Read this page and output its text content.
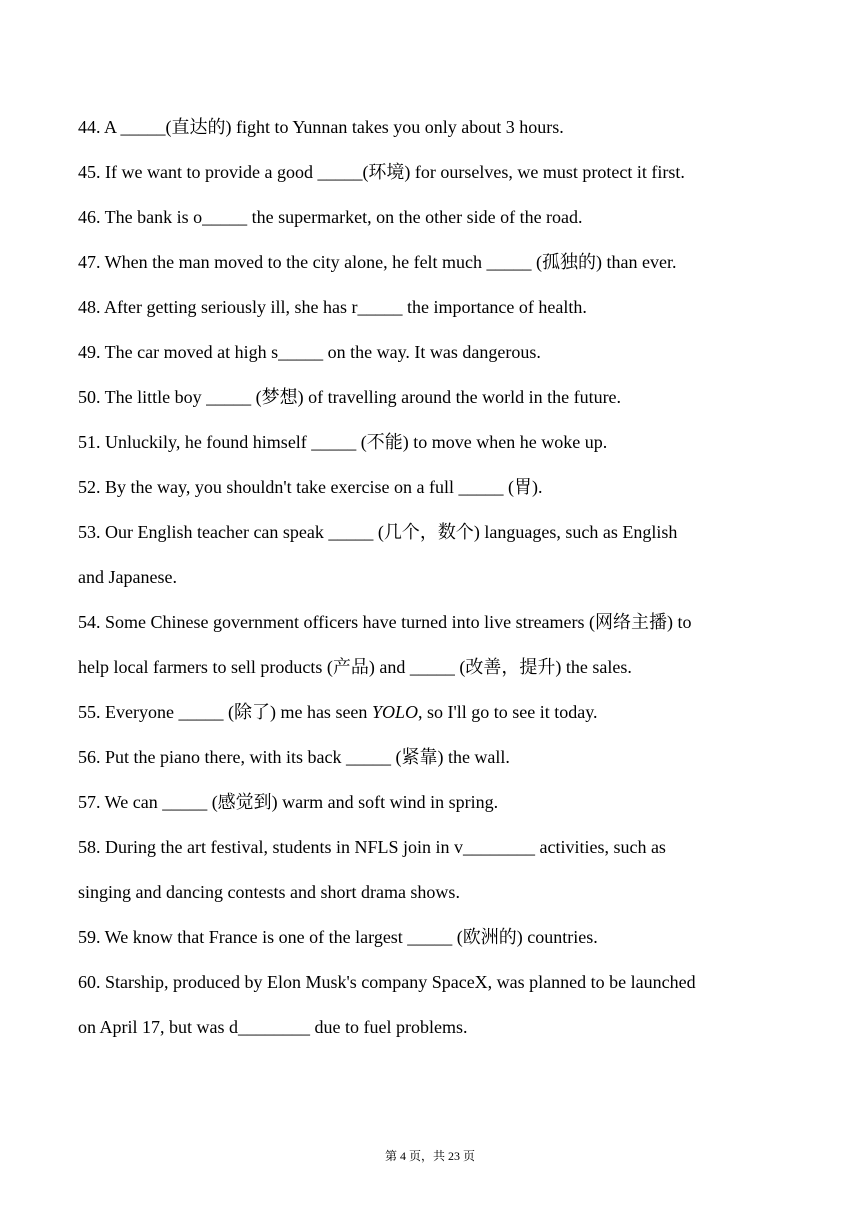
44. A _____(直达的) fight to Yunnan takes you only about 3 hours.
45. If we want to provide a good _____(环境) for ourselves, we must protect it first.
46. The bank is o_____ the supermarket, on the other side of the road.
47. When the man moved to the city alone, he felt much _____ (孤独的) than ever.
48. After getting seriously ill, she has r_____ the importance of health.
49. The car moved at high s_____ on the way. It was dangerous.
50. The little boy _____ (梦想) of travelling around the world in the future.
51. Unluckily, he found himself _____ (不能) to move when he woke up.
52. By the way, you shouldn't take exercise on a full _____ (胃).
53. Our English teacher can speak _____ (几个，数个) languages, such as English
and Japanese.
54. Some Chinese government officers have turned into live streamers (网络主播) to
help local farmers to sell products (产品) and _____ (改善，提升) the sales.
55. Everyone _____ (除了) me has seen YOLO, so I'll go to see it today.
56. Put the piano there, with its back _____ (紧靠) the wall.
57. We can _____ (感觉到) warm and soft wind in spring.
58. During the art festival, students in NFLS join in v________ activities, such as
singing and dancing contests and short drama shows.
59. We know that France is one of the largest _____ (欧洲的) countries.
60. Starship, produced by Elon Musk's company SpaceX, was planned to be launched
on April 17, but was d________ due to fuel problems.
第 4 页，共 23 页
